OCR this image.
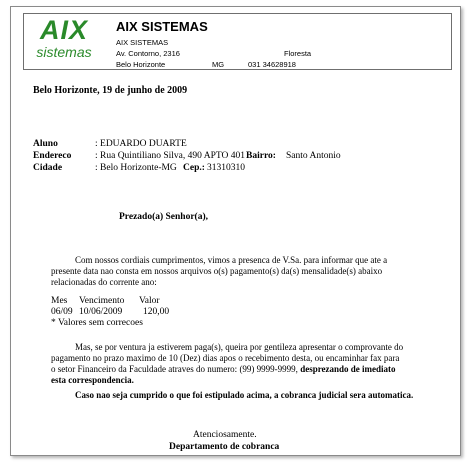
AIX
sistemas
AIX SISTEMAS
AIX SISTEMAS
Av. Contorno, 2316	Floresta
Belo Horizonte	MG	031 34628918
Belo Horizonte, 19 de junho de 2009
Aluno	: EDUARDO DUARTE
Endereco : Rua Quintiliano Silva, 490 APTO 401 Bairro: Santo Antonio
Cidade	: Belo Horizonte-MG Cep.: 31310310
Prezado(a) Senhor(a),
Com nossos cordiais cumprimentos, vimos a presenca de V.Sa. para informar que ate a
presente data nao consta em nossos arquivos o(s) pagamento(s) da(s) mensalidade(s) abaixo
relacionadas do corrente ano:
Mes Vencimento Valor
06/09 10/06/2009 120,00
* Valores sem correcoes
Mas, se por ventura ja estiverem paga(s), queira por gentileza apresentar o comprovante do
pagamento no prazo maximo de 10 (Dez) dias apos o recebimento desta, ou encaminhar fax para
o setor Financeiro da Faculdade atraves do numero: (99) 9999-9999, desprezando de imediato
esta correspondencia.
Caso nao seja cumprido o que foi estipulado acima, a cobranca judicial sera automatica.
Atenciosamente.
Departamento de cobranca
